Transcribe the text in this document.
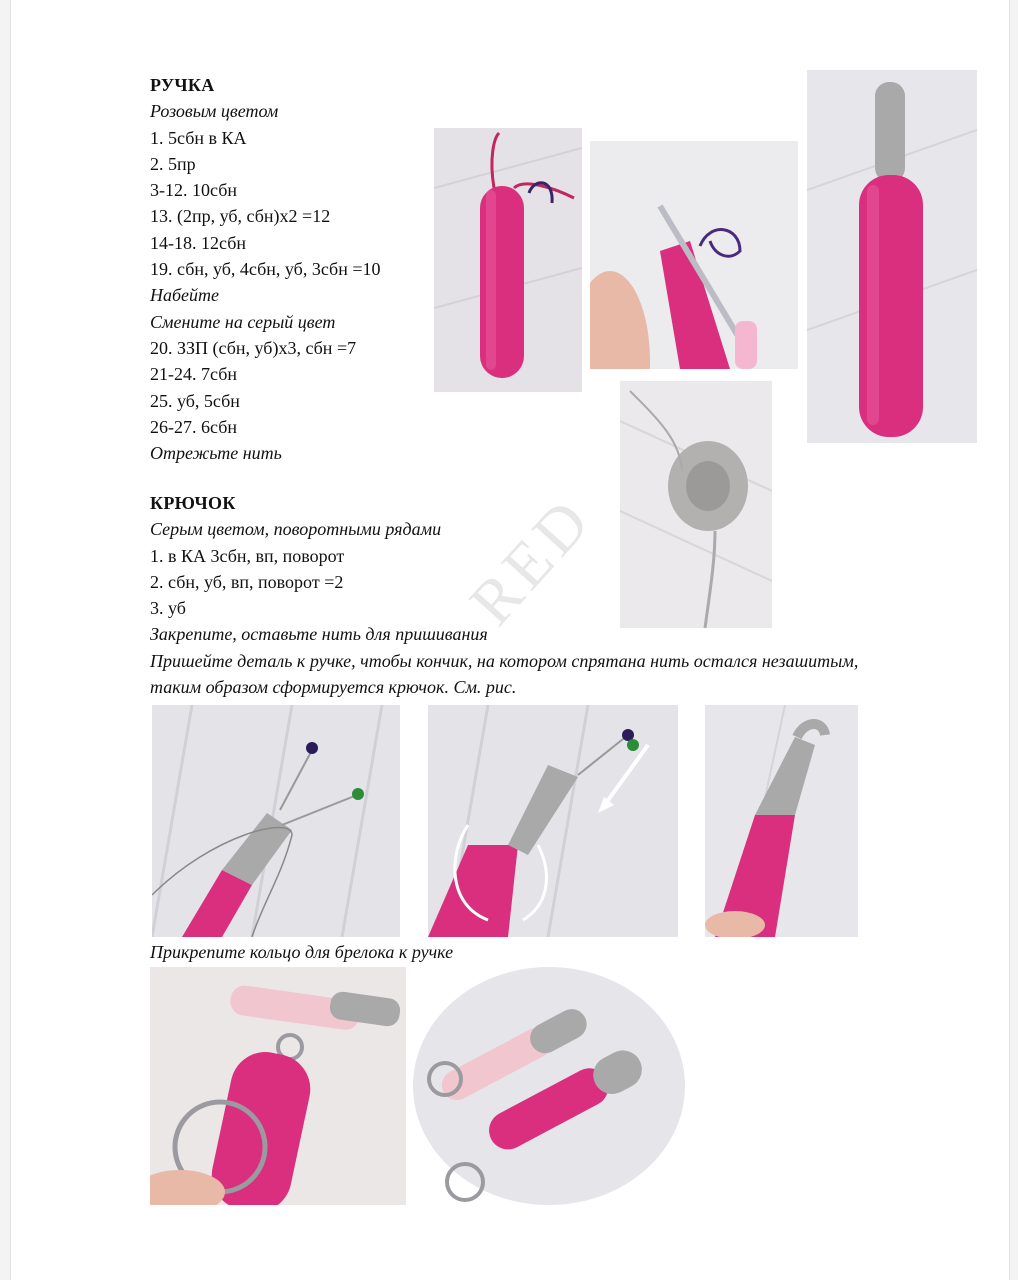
РУЧКА
Розовым цветом
1. 5сбн в КА
2. 5пр
3-12. 10сбн
13. (2пр, уб, сбн)х2 =12
14-18. 12сбн
19. сбн, уб, 4сбн, уб, 3сбн =10
Набейте
Смените на серый цвет
20. ЗЗП (сбн, уб)х3, сбн =7
21-24. 7сбн
25. уб, 5сбн
26-27. 6сбн
Отрежьте нить
КРЮЧОК
Серым цветом, поворотными рядами
1. в КА 3сбн, вп, поворот
2. сбн, уб, вп, поворот =2
3. уб
Закрепите, оставьте нить для пришивания
Пришейте деталь к ручке, чтобы кончик, на котором спрятана нить остался незашитым,
таким образом сформируется крючок. См. рис.
Прикрепите кольцо для брелока к ручке
